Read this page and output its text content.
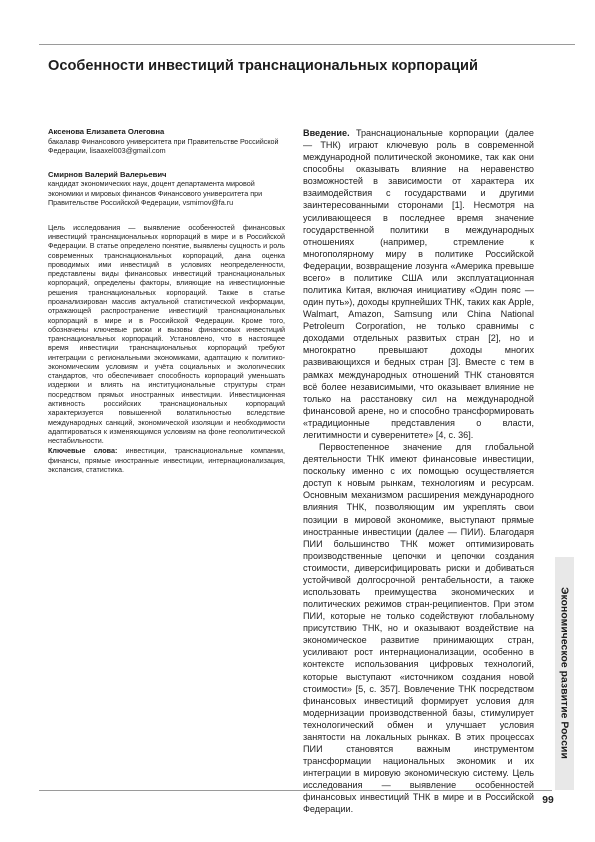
Особенности инвестиций транснациональных корпораций

Аксенова Елизавета Олеговна

бакалавр Финансового университета при Правительстве Российской Федерации, lisaaxel003@gmail.com

Смирнов Валерий Валерьевич

кандидат экономических наук, доцент департамента мировой экономики и мировых финансов Финансового университета при Правительстве Российской Федерации, vsmirnov@fa.ru

Цель исследования — выявление особенностей финансовых инвестиций транснациональных корпораций в мире и в Российской Федерации. В статье определено понятие, выявлены сущность и роль современных транснациональных корпораций, дана оценка проводимых ими инвестиций в условиях неопределенности, представлены виды финансовых инвестиций транснациональных корпораций, определены факторы, влияющие на инвестиционные решения транснациональных корпораций. Также в статье проанализирован массив актуальной статистической информации, отражающей распространение инвестиций транснациональных корпораций в мире и в Российской Федерации. Кроме того, обозначены ключевые риски и вызовы финансовых инвестиций транснациональных корпораций. Установлено, что в настоящее время инвестиции транснациональных корпораций требуют интеграции с региональными экономиками, адаптацию к политико-экономическим условиям и учёта социальных и экологических стандартов, что обеспечивает способность корпораций уменьшать издержки и влиять на институциональные структуры стран посредством прямых иностранных инвестиции. Инвестиционная активность российских транснациональных корпораций характеризуется повышенной волатильностью вследствие международных санкций, экономической изоляции и необходимости адаптироваться к изменяющимся условиям на фоне геополитической нестабильности.

Ключевые слова: инвестиции, транснациональные компании, финансы, прямые иностранные инвестиции, интернационализация, экспансия, статистика.

Введение. Транснациональные корпорации (далее — ТНК) играют ключевую роль в современной международной политической экономике, так как они способны оказывать влияние на неравенство возможностей в зависимости от характера их взаимодействия с государствами и другими заинтересованными сторонами [1]. Несмотря на усиливающееся в последнее время значение государственной политики в международных отношениях (например, стремление к многополярному миру в политике Российской Федерации, возвращение лозунга «Америка превыше всего» в политике США или эксплуатационная политика Китая, включая инициативу «Один пояс — один путь»), доходы крупнейших ТНК, таких как Apple, Walmart, Amazon, Samsung или China National Petroleum Corporation, не только сравнимы с доходами отдельных развитых стран [2], но и многократно превышают доходы многих развивающихся и бедных стран [3]. Вместе с тем в рамках международных отношений ТНК становятся всё более независимыми, что оказывает влияние не только на расстановку сил на международной финансовой арене, но и способно трансформировать «традиционные представления о власти, легитимности и суверенитете» [4, с. 36].

Первостепенное значение для глобальной деятельности ТНК имеют финансовые инвестиции, поскольку именно с их помощью осуществляется доступ к новым рынкам, технологиям и ресурсам. Основным механизмом расширения международного влияния ТНК, позволяющим им укреплять свои позиции в мировой экономике, выступают прямые иностранные инвестиции (далее — ПИИ). Благодаря ПИИ большинство ТНК может оптимизировать производственные цепочки и цепочки создания стоимости, диверсифицировать риски и добиваться устойчивой долгосрочной рентабельности, а также использовать преимущества экономических и политических режимов стран-реципиентов. При этом ПИИ, которые не только содействуют глобальному присутствию ТНК, но и оказывают воздействие на экономическое развитие принимающих стран, усиливают рост интернационализации, особенно в контексте использования цифровых технологий, которые выступают «источником создания новой стоимости» [5, с. 357]. Вовлечение ТНК посредством финансовых инвестиций формирует условия для модернизации производственной базы, стимулирует технологический обмен и улучшает условия занятости на локальных рынках. В этих процессах ПИИ становятся важным инструментом трансформации национальных экономик и их интеграции в мировую экономическую систему. Цель исследования — выявление особенностей финансовых инвестиций ТНК в мире и в Российской Федерации.

Экономическое развитие России
99
